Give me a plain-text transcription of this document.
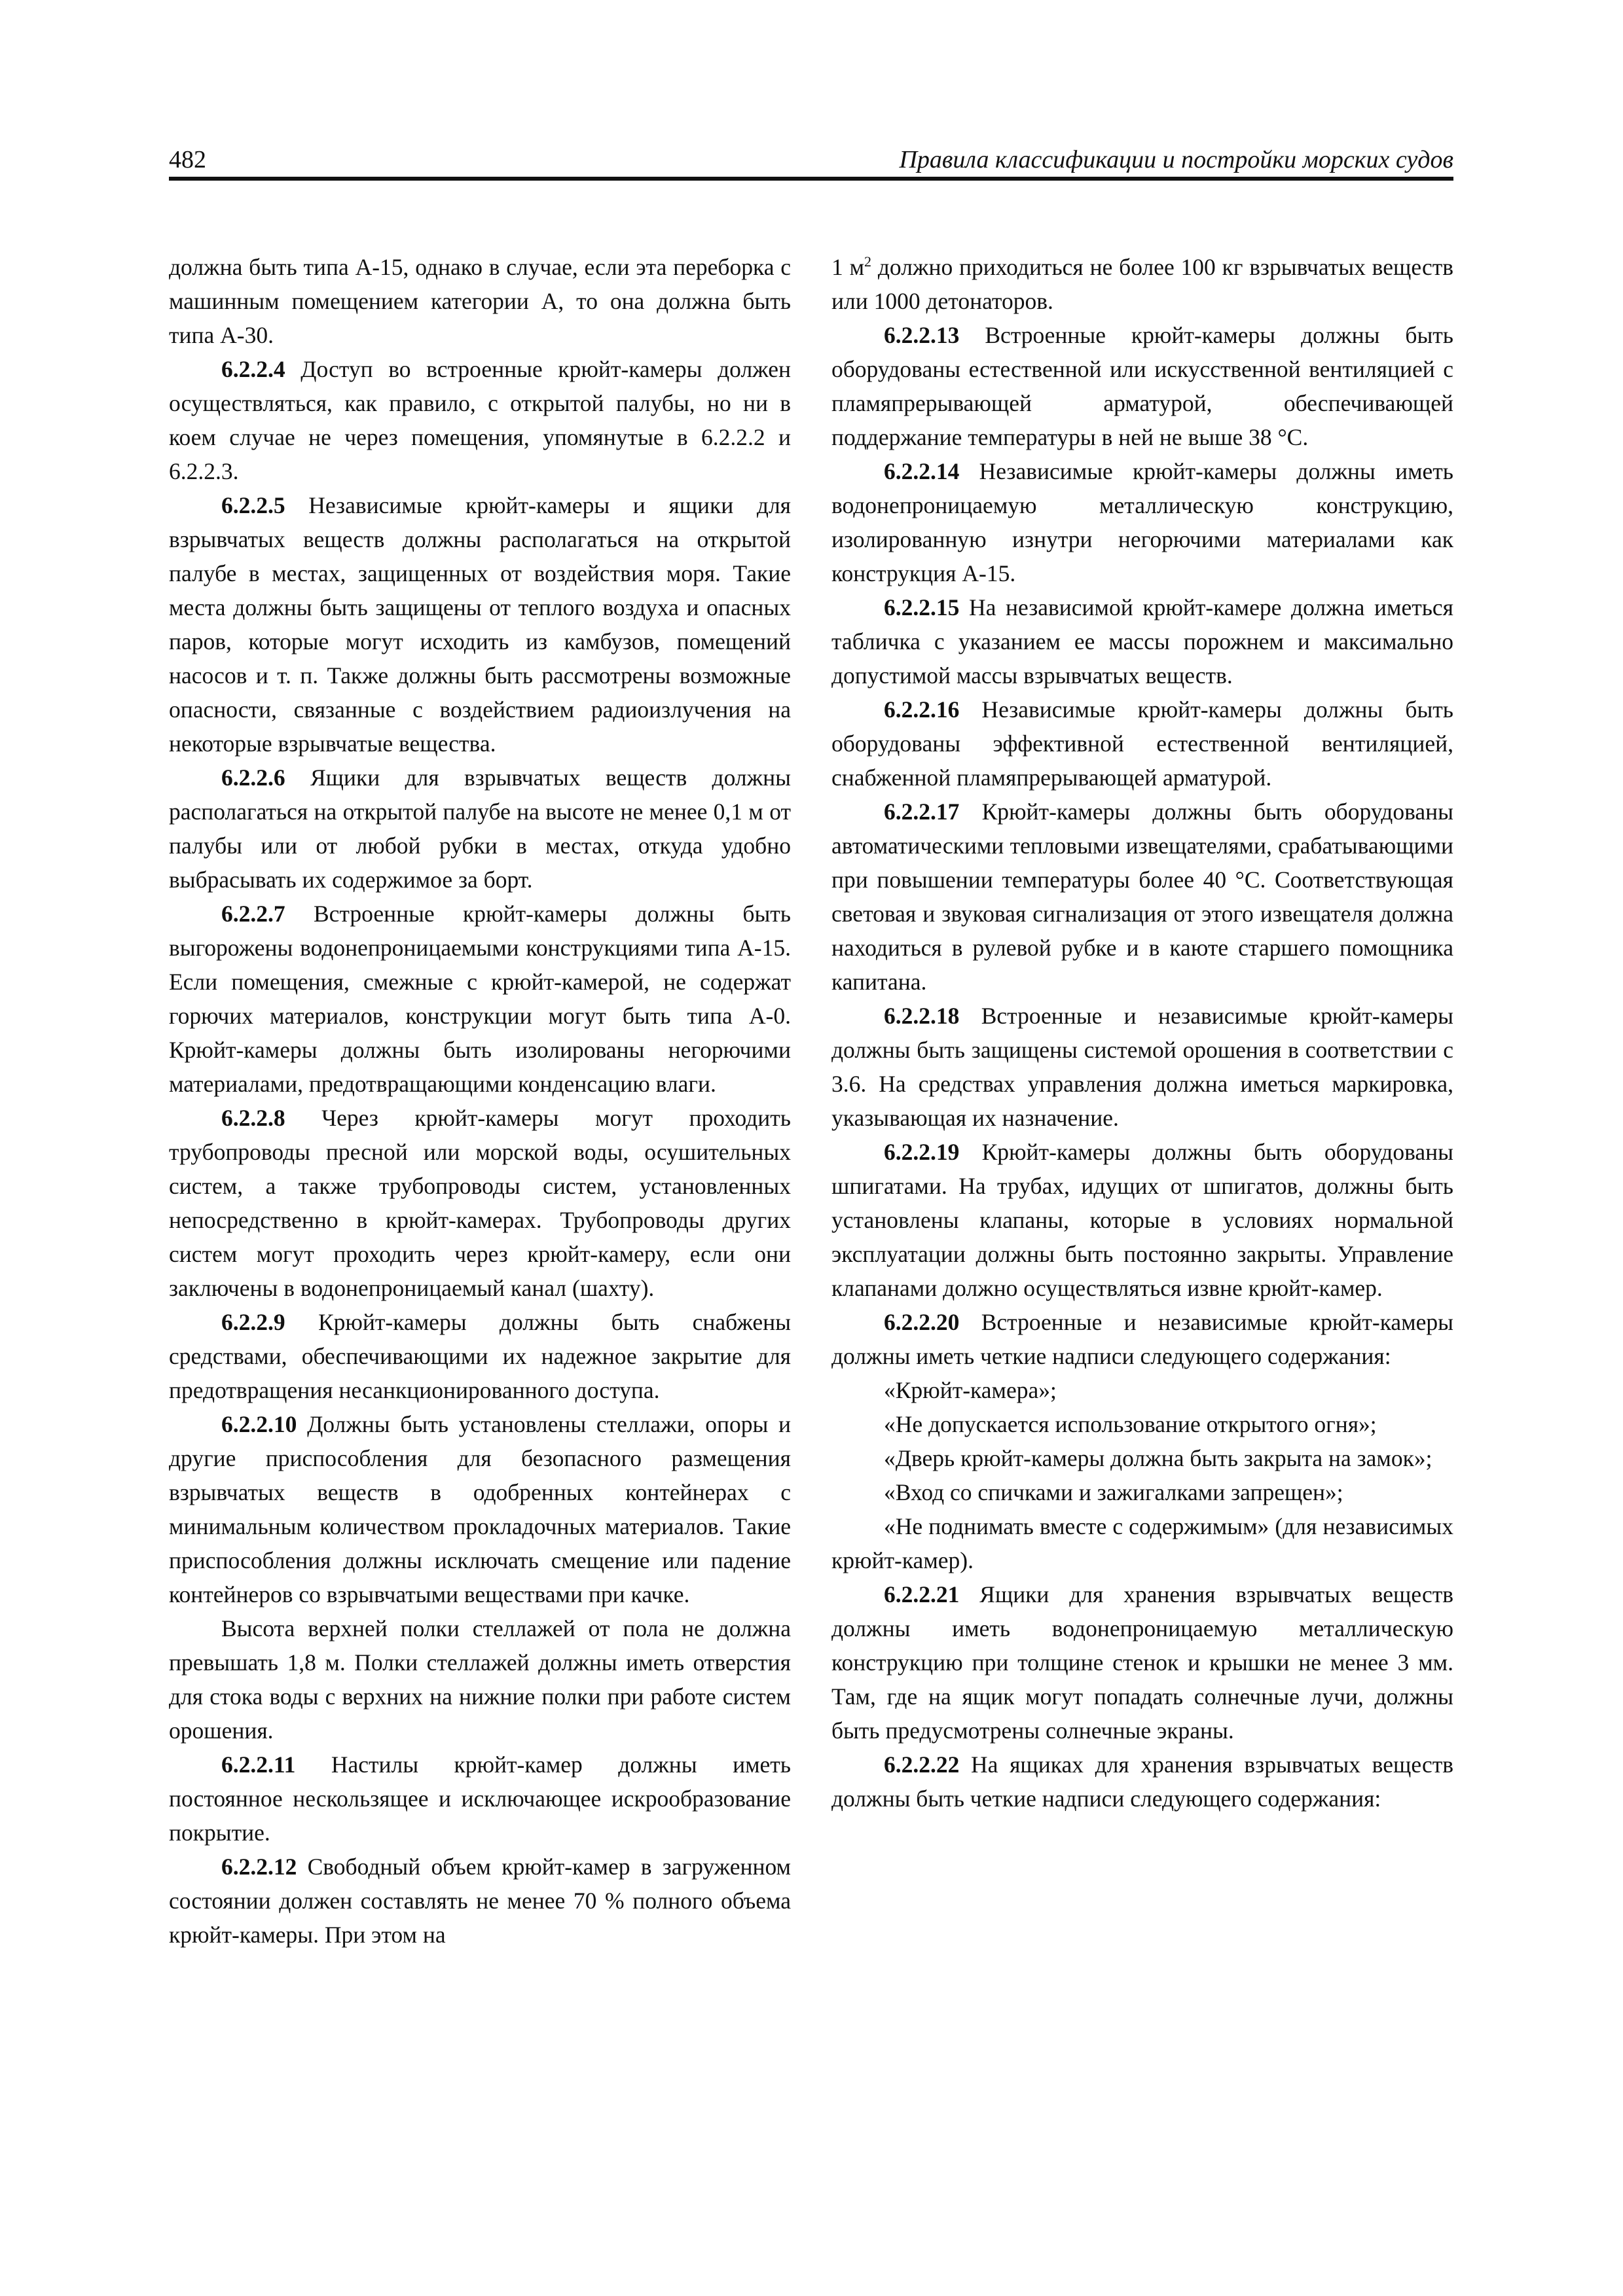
482	Правила классификации и постройки морских судов

должна быть типа А-15, однако в случае, если эта переборка с машинным помещением категории А, то она должна быть типа А-30.

6.2.2.4 Доступ во встроенные крюйт-камеры должен осуществляться, как правило, с открытой палубы, но ни в коем случае не через помещения, упомянутые в 6.2.2.2 и 6.2.2.3.

6.2.2.5 Независимые крюйт-камеры и ящики для взрывчатых веществ должны располагаться на открытой палубе в местах, защищенных от воздействия моря. Такие места должны быть защищены от теплого воздуха и опасных паров, которые могут исходить из камбузов, помещений насосов и т. п. Также должны быть рассмотрены возможные опасности, связанные с воздействием радиоизлучения на некоторые взрывчатые вещества.

6.2.2.6 Ящики для взрывчатых веществ должны располагаться на открытой палубе на высоте не менее 0,1 м от палубы или от любой рубки в местах, откуда удобно выбрасывать их содержимое за борт.

6.2.2.7 Встроенные крюйт-камеры должны быть выгорожены водонепроницаемыми конструкциями типа А-15. Если помещения, смежные с крюйт-камерой, не содержат горючих материалов, конструкции могут быть типа А-0. Крюйт-камеры должны быть изолированы негорючими материалами, предотвращающими конденсацию влаги.

6.2.2.8 Через крюйт-камеры могут проходить трубопроводы пресной или морской воды, осушительных систем, а также трубопроводы систем, установленных непосредственно в крюйт-камерах. Трубопроводы других систем могут проходить через крюйт-камеру, если они заключены в водонепроницаемый канал (шахту).

6.2.2.9 Крюйт-камеры должны быть снабжены средствами, обеспечивающими их надежное закрытие для предотвращения несанкционированного доступа.

6.2.2.10 Должны быть установлены стеллажи, опоры и другие приспособления для безопасного размещения взрывчатых веществ в одобренных контейнерах с минимальным количеством прокладочных материалов. Такие приспособления должны исключать смещение или падение контейнеров со взрывчатыми веществами при качке.

Высота верхней полки стеллажей от пола не должна превышать 1,8 м. Полки стеллажей должны иметь отверстия для стока воды с верхних на нижние полки при работе систем орошения.

6.2.2.11 Настилы крюйт-камер должны иметь постоянное нескользящее и исключающее искрообразование покрытие.

6.2.2.12 Свободный объем крюйт-камер в загруженном состоянии должен составлять не менее 70 % полного объема крюйт-камеры. При этом на

1 $м^2$ должно приходиться не более 100 кг взрывчатых веществ или 1000 детонаторов.

6.2.2.13 Встроенные крюйт-камеры должны быть оборудованы естественной или искусственной вентиляцией с пламяпрерывающей арматурой, обеспечивающей поддержание температуры в ней не выше 38 °С.

6.2.2.14 Независимые крюйт-камеры должны иметь водонепроницаемую металлическую конструкцию, изолированную изнутри негорючими материалами как конструкция А-15.

6.2.2.15 На независимой крюйт-камере должна иметься табличка с указанием ее массы порожнем и максимально допустимой массы взрывчатых веществ.

6.2.2.16 Независимые крюйт-камеры должны быть оборудованы эффективной естественной вентиляцией, снабженной пламяпрерывающей арматурой.

6.2.2.17 Крюйт-камеры должны быть оборудованы автоматическими тепловыми извещателями, срабатывающими при повышении температуры более 40 °С. Соответствующая световая и звуковая сигнализация от этого извещателя должна находиться в рулевой рубке и в каюте старшего помощника капитана.

6.2.2.18 Встроенные и независимые крюйт-камеры должны быть защищены системой орошения в соответствии с 3.6. На средствах управления должна иметься маркировка, указывающая их назначение.

6.2.2.19 Крюйт-камеры должны быть оборудованы шпигатами. На трубах, идущих от шпигатов, должны быть установлены клапаны, которые в условиях нормальной эксплуатации должны быть постоянно закрыты. Управление клапанами должно осуществляться извне крюйт-камер.

6.2.2.20 Встроенные и независимые крюйт-камеры должны иметь четкие надписи следующего содержания:

«Крюйт-камера»;

«Не допускается использование открытого огня»;

«Дверь крюйт-камеры должна быть закрыта на замок»;

«Вход со спичками и зажигалками запрещен»;

«Не поднимать вместе с содержимым» (для независимых крюйт-камер).

6.2.2.21 Ящики для хранения взрывчатых веществ должны иметь водонепроницаемую металлическую конструкцию при толщине стенок и крышки не менее 3 мм. Там, где на ящик могут попадать солнечные лучи, должны быть предусмотрены солнечные экраны.

6.2.2.22 На ящиках для хранения взрывчатых веществ должны быть четкие надписи следующего содержания:
